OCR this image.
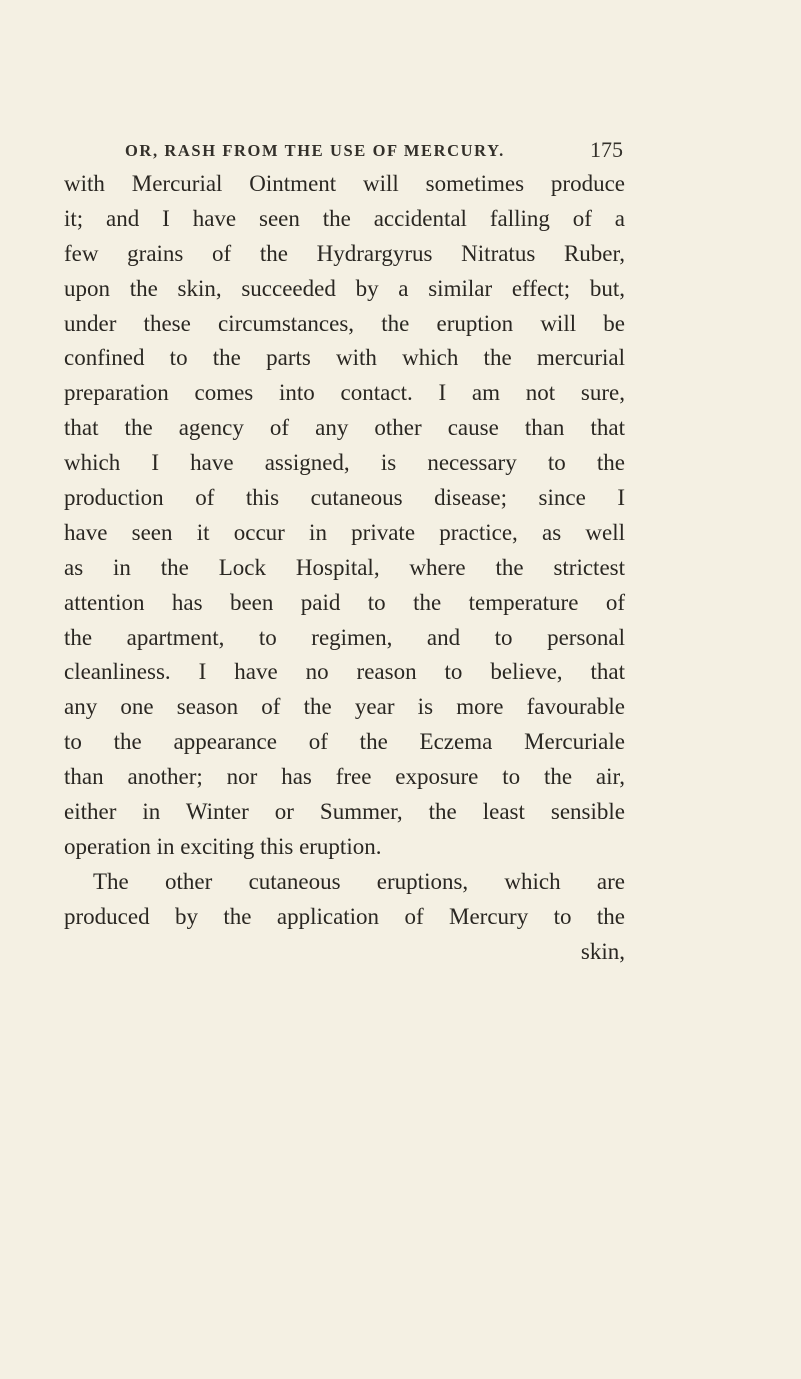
OR, RASH FROM THE USE OF MERCURY.	175
with Mercurial Ointment will sometimes produce
it; and I have seen the accidental falling of a
few grains of the Hydrargyrus Nitratus Ruber,
upon the skin, succeeded by a similar effect; but,
under these circumstances, the eruption will be
confined to the parts with which the mercurial
preparation comes into contact. I am not sure,
that the agency of any other cause than that
which I have assigned, is necessary to the
production of this cutaneous disease; since I
have seen it occur in private practice, as well
as in the Lock Hospital, where the strictest
attention has been paid to the temperature of
the apartment, to regimen, and to personal
cleanliness. I have no reason to believe, that
any one season of the year is more favourable
to the appearance of the Eczema Mercuriale
than another; nor has free exposure to the air,
either in Winter or Summer, the least sensible
operation in exciting this eruption.
The other cutaneous eruptions, which are
produced by the application of Mercury to the
skin,
